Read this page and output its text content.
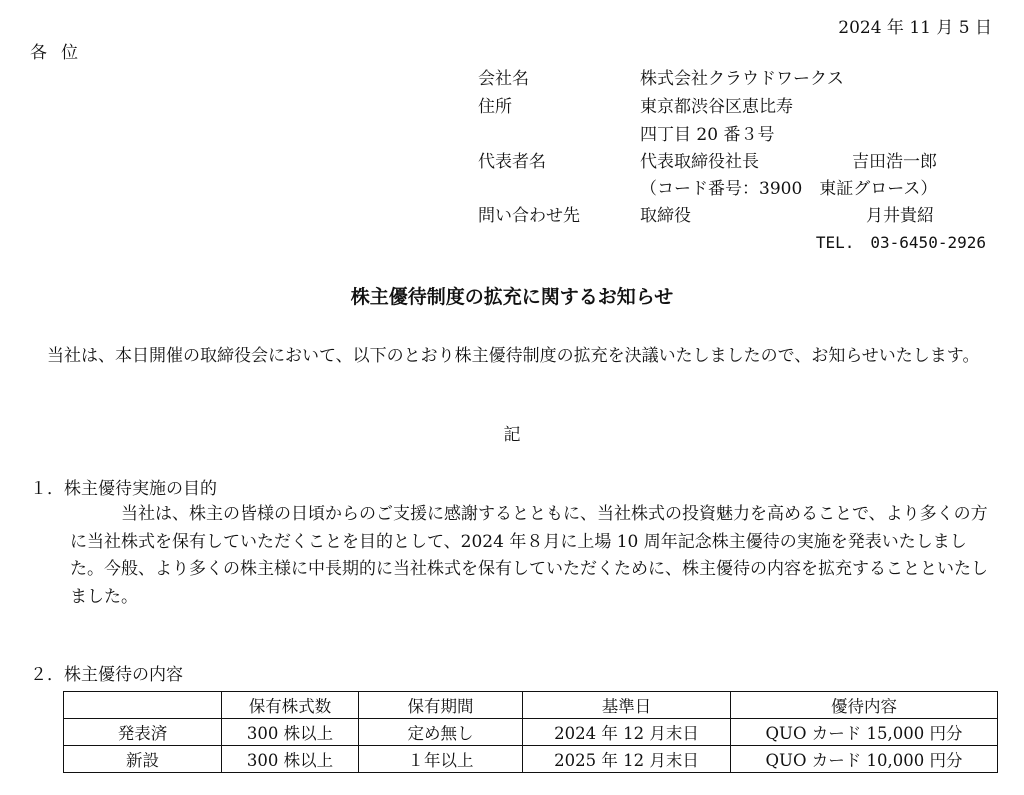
2024 年 11 月 5 日
各位
会社名	株式会社クラウドワークス
住所	東京都渋谷区恵比寿
四丁目 20 番３号
代表者名	代表取締役社長	吉田浩一郎
（コード番号：3900　東証グロース）
問い合わせ先	取締役	月井貴紹
TEL.　03-6450-2926
株主優待制度の拡充に関するお知らせ
　当社は、本日開催の取締役会において、以下のとおり株主優待制度の拡充を決議いたしましたので、お知らせいたします。
記
１．株主優待実施の目的
　　　当社は、株主の皆様の日頃からのご支援に感謝するとともに、当社株式の投資魅力を高めることで、より多くの方に当社株式を保有していただくことを目的として、2024 年８月に上場 10 周年記念株主優待の実施を発表いたしました。今般、より多くの株主様に中長期的に当社株式を保有していただくために、株主優待の内容を拡充することといたしました。
２．株主優待の内容
	保有株式数	保有期間	基準日	優待内容
発表済	300 株以上	定め無し	2024 年 12 月末日	QUO カード 15,000 円分
新設	300 株以上	１年以上	2025 年 12 月末日	QUO カード 10,000 円分
